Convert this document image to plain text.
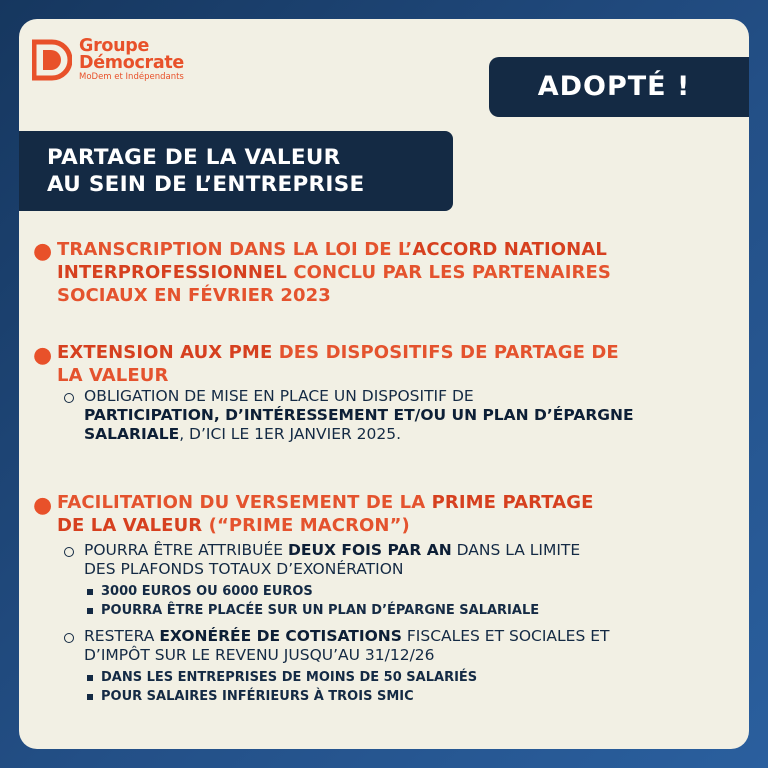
Groupe
Démocrate
MoDem et Indépendants	ADOPTÉ !
PARTAGE DE LA VALEUR
AU SEIN DE L’ENTREPRISE
● TRANSCRIPTION DANS LA LOI DE L’ACCORD NATIONAL
INTERPROFESSIONNEL CONCLU PAR LES PARTENAIRES
SOCIAUX EN FÉVRIER 2023
● EXTENSION AUX PME DES DISPOSITIFS DE PARTAGE DE
LA VALEUR
OBLIGATION DE MISE EN PLACE UN DISPOSITIF DE
PARTICIPATION, D’INTÉRESSEMENT ET/OU UN PLAN D’ÉPARGNE
SALARIALE, D’ICI LE 1ER JANVIER 2025.
● FACILITATION DU VERSEMENT DE LA PRIME PARTAGE
DE LA VALEUR (“PRIME MACRON”)
POURRA ÊTRE ATTRIBUÉE DEUX FOIS PAR AN DANS LA LIMITE
DES PLAFONDS TOTAUX D’EXONÉRATION
3000 EUROS OU 6000 EUROS
POURRA ÊTRE PLACÉE SUR UN PLAN D’ÉPARGNE SALARIALE
RESTERA EXONÉRÉE DE COTISATIONS FISCALES ET SOCIALES ET
D’IMPÔT SUR LE REVENU JUSQU’AU 31/12/26
DANS LES ENTREPRISES DE MOINS DE 50 SALARIÉS
POUR SALAIRES INFÉRIEURS À TROIS SMIC
